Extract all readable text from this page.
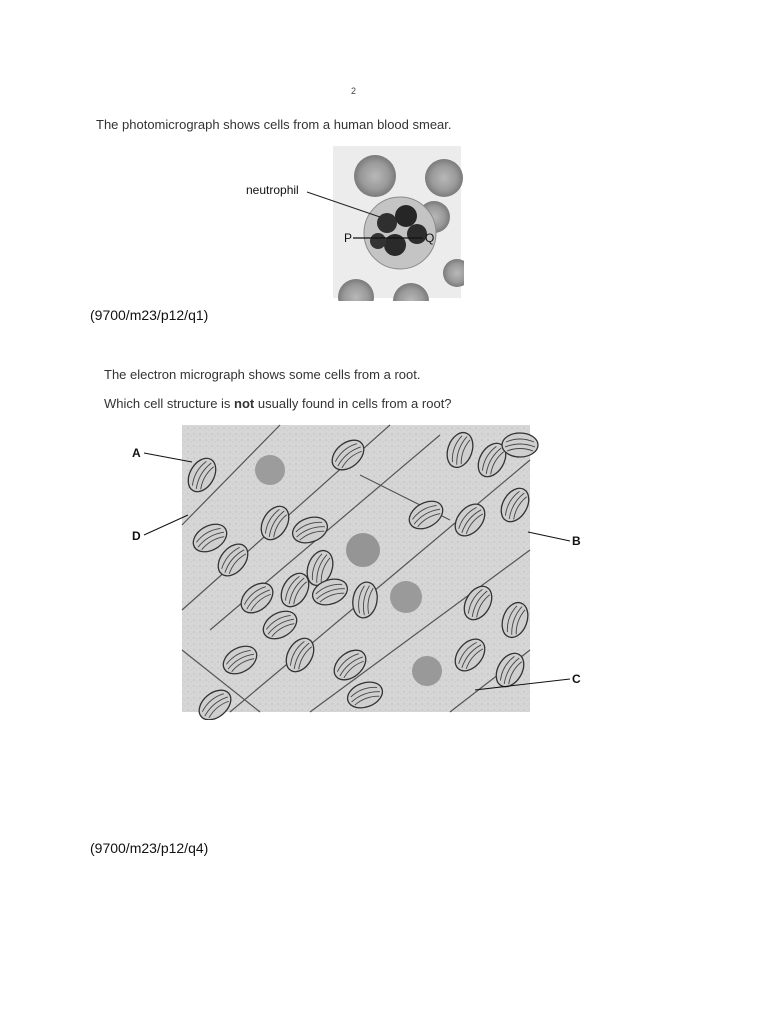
2
The photomicrograph shows cells from a human blood smear.
neutrophil
P	Q
(9700/m23/p12/q1)
The electron micrograph shows some cells from a root.
Which cell structure is not usually found in cells from a root?
A
D	B
C
(9700/m23/p12/q4)
